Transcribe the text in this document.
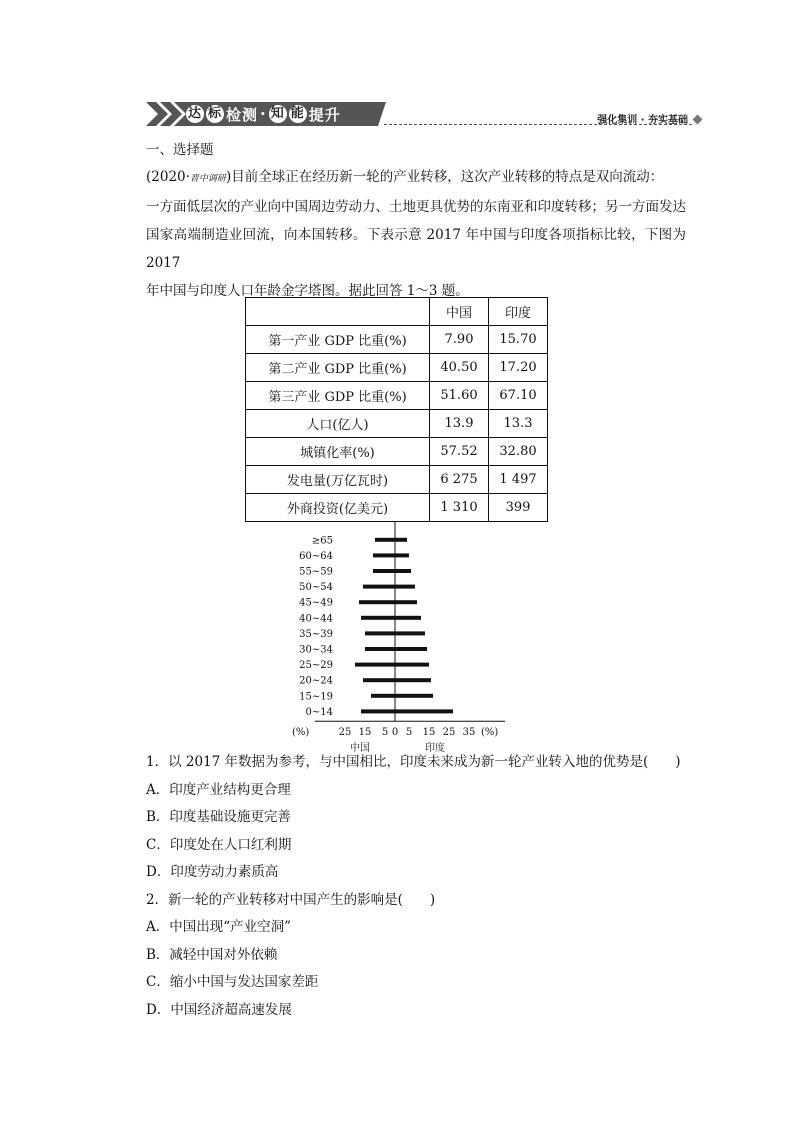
达 标 检测 · 知 能 提升	强化集训 · 夯实基础
一、选择题
(2020·晋中调研)目前全球正在经历新一轮的产业转移，这次产业转移的特点是双向流动：
一方面低层次的产业向中国周边劳动力、土地更具优势的东南亚和印度转移；另一方面发达
国家高端制造业回流，向本国转移。下表示意 2017 年中国与印度各项指标比较，下图为 2017
年中国与印度人口年龄金字塔图。据此回答 1～3 题。
	中国	印度
第一产业 GDP 比重(%)	7.90	15.70
第二产业 GDP 比重(%)	40.50	17.20
第三产业 GDP 比重(%)	51.60	67.10
人口(亿人)	13.9	13.3
城镇化率(%)	57.52	32.80
发电量(万亿瓦时)	6 275	1 497
外商投资(亿美元)	1 310	399
≥65
60~64
55~59
50~54
45~49
40~44
35~39
30~34
25~29
20~24
15~19
0~14
(%)	25 15 5 0 5 15 25 35 (%)
中国	印度
1．以 2017 年数据为参考，与中国相比，印度未来成为新一轮产业转入地的优势是(　　)
A．印度产业结构更合理
B．印度基础设施更完善
C．印度处在人口红利期
D．印度劳动力素质高
2．新一轮的产业转移对中国产生的影响是(　　)
A．中国出现“产业空洞”
B．减轻中国对外依赖
C．缩小中国与发达国家差距
D．中国经济超高速发展
